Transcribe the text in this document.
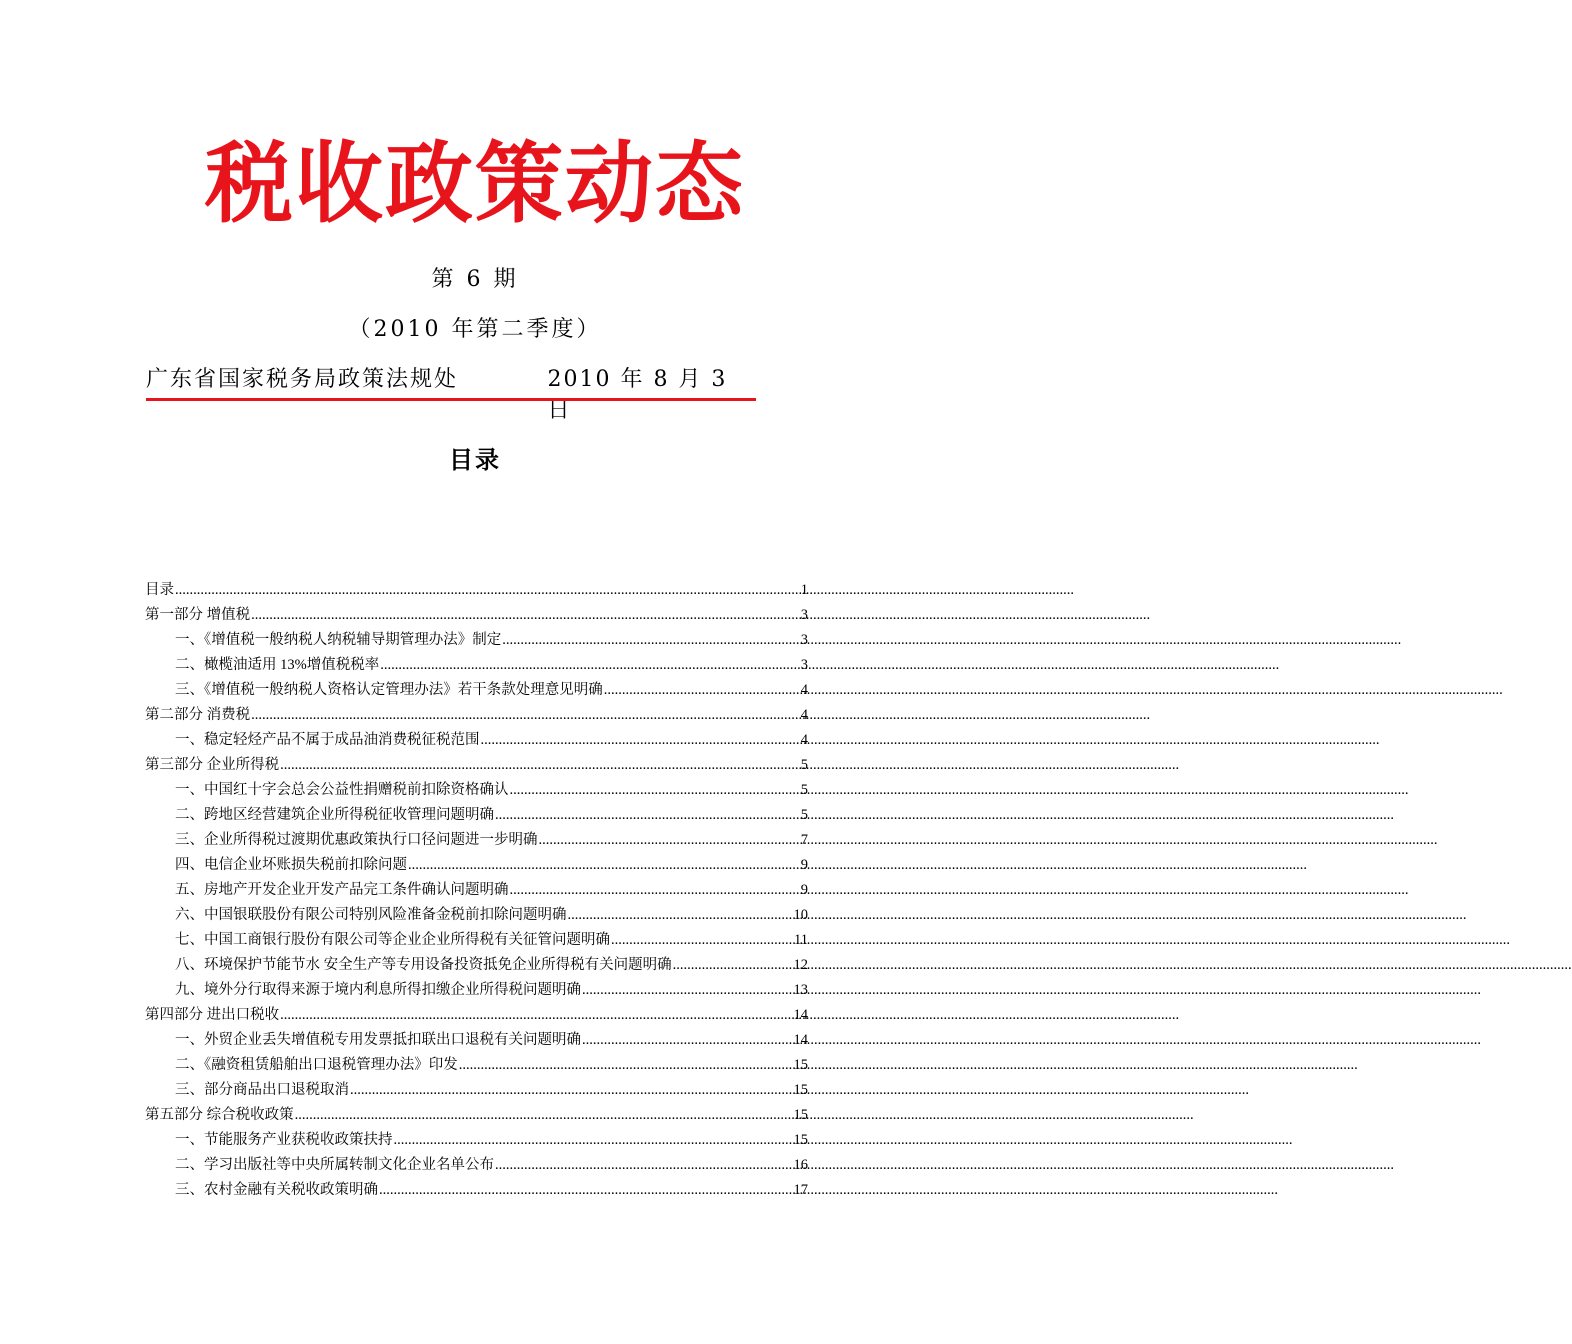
税收政策动态
第 6 期
（2010 年第二季度）
广东省国家税务局政策法规处	2010 年 8 月 3 日
目录
目录 .....	1
第一部分 增值税 .....	3
一、《增值税一般纳税人纳税辅导期管理办法》制定 .....	3
二、橄榄油适用 13%增值税税率 .....	3
三、《增值税一般纳税人资格认定管理办法》若干条款处理意见明确 .....	4
第二部分 消费税 .....	4
一、稳定轻烃产品不属于成品油消费税征税范围 .....	4
第三部分 企业所得税 .....	5
一、中国红十字会总会公益性捐赠税前扣除资格确认 .....	5
二、跨地区经营建筑企业所得税征收管理问题明确 .....	5
三、企业所得税过渡期优惠政策执行口径问题进一步明确 .....	7
四、电信企业坏账损失税前扣除问题 .....	9
五、房地产开发企业开发产品完工条件确认问题明确 .....	9
六、中国银联股份有限公司特别风险准备金税前扣除问题明确 .....	10
七、中国工商银行股份有限公司等企业企业所得税有关征管问题明确 .....	11
八、环境保护节能节水 安全生产等专用设备投资抵免企业所得税有关问题明确 .....	12
九、境外分行取得来源于境内利息所得扣缴企业所得税问题明确 .....	13
第四部分 进出口税收 .....	14
一、外贸企业丢失增值税专用发票抵扣联出口退税有关问题明确 .....	14
二、《融资租赁船舶出口退税管理办法》印发 .....	15
三、部分商品出口退税取消 .....	15
第五部分 综合税收政策 .....	15
一、节能服务产业获税收政策扶持 .....	15
二、学习出版社等中央所属转制文化企业名单公布 .....	16
三、农村金融有关税收政策明确 .....	17
